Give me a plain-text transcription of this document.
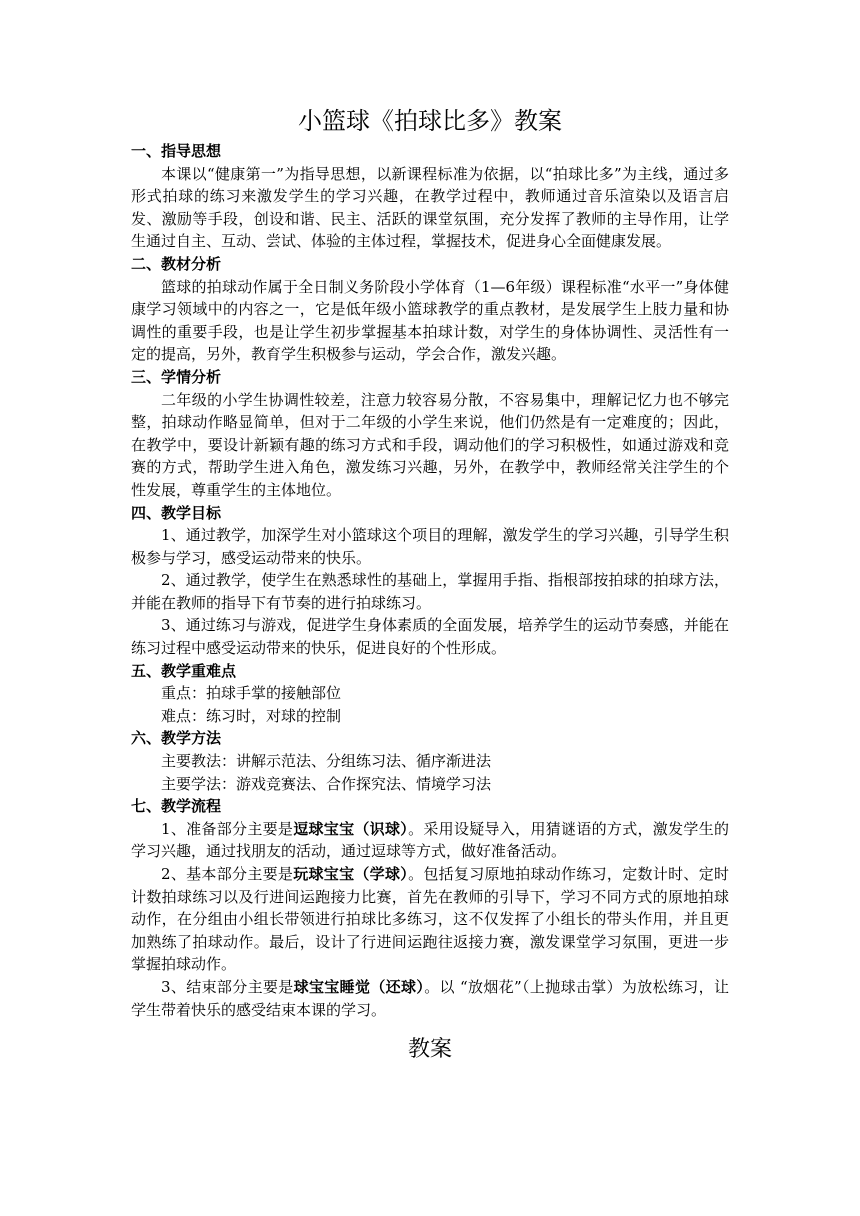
小篮球《拍球比多》教案

一、指导思想

本课以“健康第一”为指导思想，以新课程标准为依据，以“拍球比多”为主线，通过多形式拍球的练习来激发学生的学习兴趣，在教学过程中，教师通过音乐渲染以及语言启发、激励等手段，创设和谐、民主、活跃的课堂氛围，充分发挥了教师的主导作用，让学生通过自主、互动、尝试、体验的主体过程，掌握技术，促进身心全面健康发展。

二、教材分析

篮球的拍球动作属于全日制义务阶段小学体育（1—6年级）课程标准“水平一”身体健康学习领域中的内容之一，它是低年级小篮球教学的重点教材，是发展学生上肢力量和协调性的重要手段，也是让学生初步掌握基本拍球计数，对学生的身体协调性、灵活性有一定的提高，另外，教育学生积极参与运动，学会合作，激发兴趣。

三、学情分析

二年级的小学生协调性较差，注意力较容易分散，不容易集中，理解记忆力也不够完整，拍球动作略显简单，但对于二年级的小学生来说，他们仍然是有一定难度的；因此，在教学中，要设计新颖有趣的练习方式和手段，调动他们的学习积极性，如通过游戏和竞赛的方式，帮助学生进入角色，激发练习兴趣，另外，在教学中，教师经常关注学生的个性发展，尊重学生的主体地位。

四、教学目标

1、通过教学，加深学生对小篮球这个项目的理解，激发学生的学习兴趣，引导学生积极参与学习，感受运动带来的快乐。

2、通过教学，使学生在熟悉球性的基础上，掌握用手指、指根部按拍球的拍球方法，并能在教师的指导下有节奏的进行拍球练习。

3、通过练习与游戏，促进学生身体素质的全面发展，培养学生的运动节奏感，并能在练习过程中感受运动带来的快乐，促进良好的个性形成。

五、教学重难点

重点：拍球手掌的接触部位

难点：练习时，对球的控制

六、教学方法

主要教法：讲解示范法、分组练习法、循序渐进法

主要学法：游戏竞赛法、合作探究法、情境学习法

七、教学流程

1、准备部分主要是逗球宝宝（识球）。采用设疑导入，用猜谜语的方式，激发学生的学习兴趣，通过找朋友的活动，通过逗球等方式，做好准备活动。

2、基本部分主要是玩球宝宝（学球）。包括复习原地拍球动作练习，定数计时、定时计数拍球练习以及行进间运跑接力比赛，首先在教师的引导下，学习不同方式的原地拍球动作，在分组由小组长带领进行拍球比多练习，这不仅发挥了小组长的带头作用，并且更加熟练了拍球动作。最后，设计了行进间运跑往返接力赛，激发课堂学习氛围，更进一步掌握拍球动作。

3、结束部分主要是球宝宝睡觉（还球）。以 “放烟花”（上抛球击掌）为放松练习，让学生带着快乐的感受结束本课的学习。

教案
